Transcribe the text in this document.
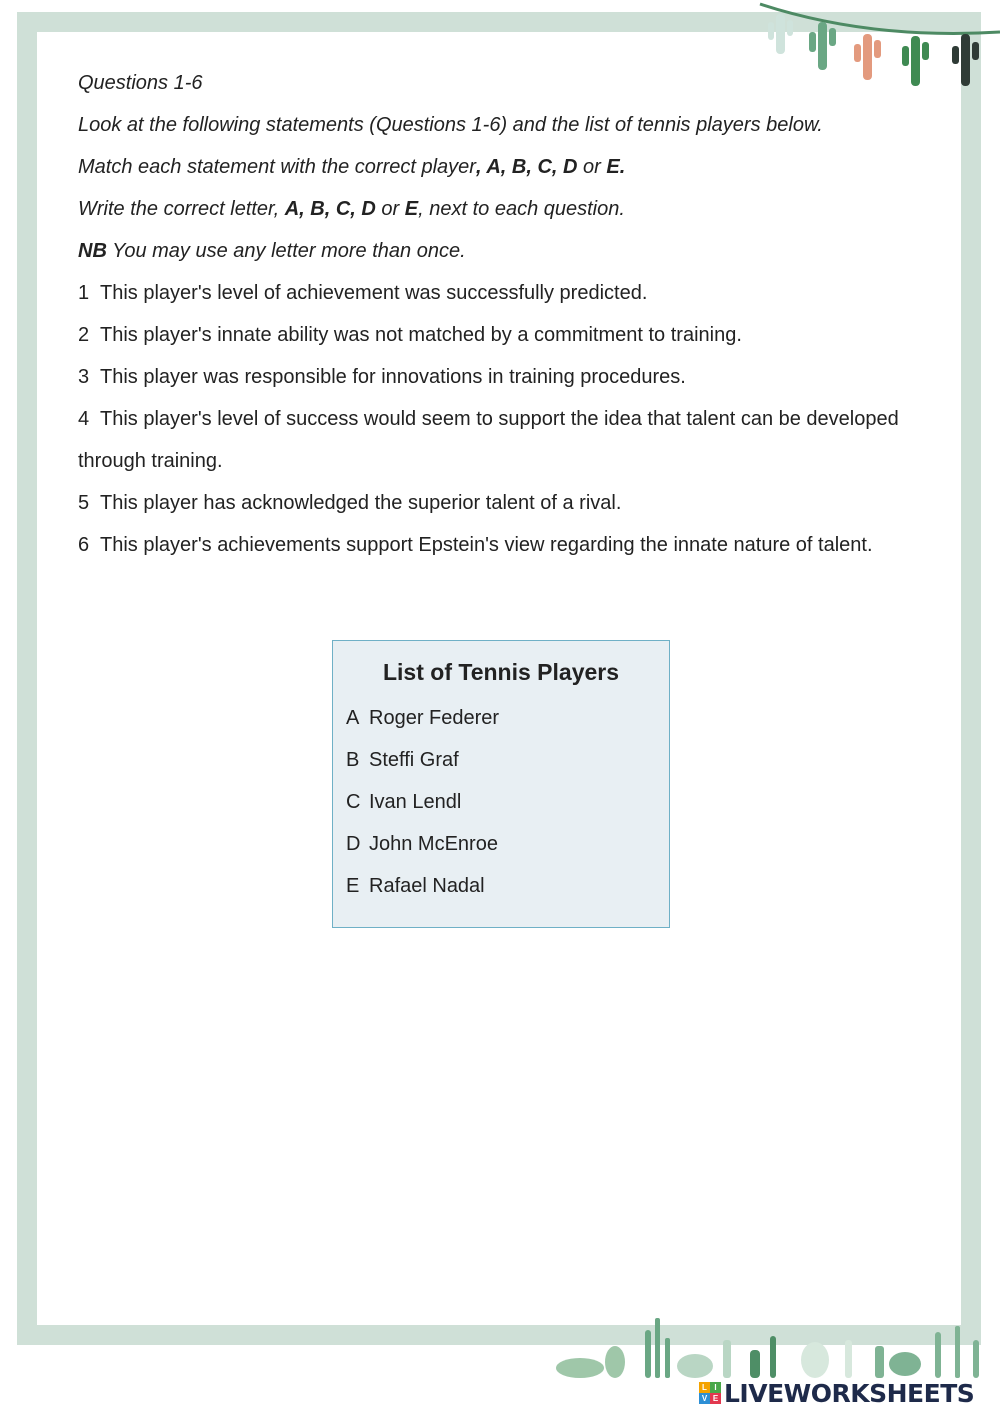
Questions 1-6
Look at the following statements (Questions 1-6) and the list of tennis players below.
Match each statement with the correct player, A, B, C, D or E.
Write the correct letter, A, B, C, D or E, next to each question.
NB You may use any letter more than once.
1 This player's level of achievement was successfully predicted.
2 This player's innate ability was not matched by a commitment to training.
3 This player was responsible for innovations in training procedures.
4 This player's level of success would seem to support the idea that talent can be developed through training.
5 This player has acknowledged the superior talent of a rival.
6 This player's achievements support Epstein's view regarding the innate nature of talent.
List of Tennis Players
A Roger Federer
B Steffi Graf
C Ivan Lendl
D John McEnroe
E Rafael Nadal
L I
V E LIVEWORKSHEETS
